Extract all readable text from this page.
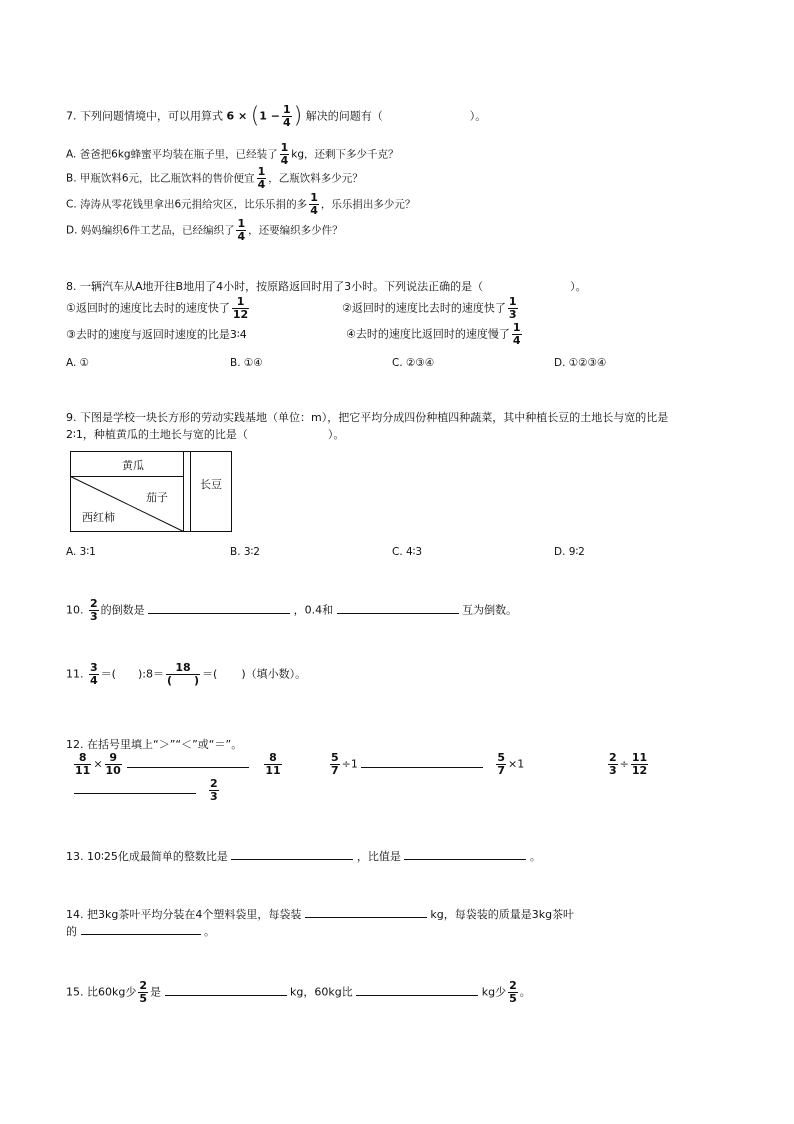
7. 下列问题情境中，可以用算式 $6 \times (1 - \frac{1}{4}$ ) 解决的问题有（	）。
A. 爸爸把6kg蜂蜜平均装在瓶子里，已经装了 $\frac{1}{4}$ kg，还剩下多少千克？
B. 甲瓶饮料6元，比乙瓶饮料的售价便宜 $\frac{1}{4}$ ，乙瓶饮料多少元？
C. 涛涛从零花钱里拿出6元捐给灾区，比乐乐捐的多 $\frac{1}{4}$ ，乐乐捐出多少元？
D. 妈妈编织6件工艺品，已经编织了 $\frac{1}{4}$ ，还要编织多少件？
8. 一辆汽车从A地开往B地用了4小时，按原路返回时用了3小时。下列说法正确的是（	）。
①返回时的速度比去时的速度快了 $\frac{1}{12}$	②返回时的速度比去时的速度快了 $\frac{1}{3}$
③去时的速度与返回时速度的比是3∶4	④去时的速度比返回时的速度慢了 $\frac{1}{4}$
A. ①	B. ①④	C. ②③④	D. ①②③④
9. 下图是学校一块长方形的劳动实践基地（单位：m），把它平均分成四份种植四种蔬菜，其中种植长豆的土地长与宽的比是
2∶1，种植黄瓜的土地长与宽的比是（	）。
黄瓜
茄子
西红柿
长豆
A. 3∶1	B. 3∶2	C. 4∶3	D. 9∶2
10. $\frac{2}{3}$ 的倒数是	，0.4和	互为倒数。
11. $\frac{3}{4}$ ＝( ):8＝ $\frac{18}{( )}$ ＝( )（填小数）。
12. 在括号里填上“＞”“＜”或“＝”。
$\frac{8}{11} \times \frac{9}{10}$
	$\frac{8}{11}$	$\frac{5}{7} \div 1$	$\frac{5}{7} \times 1$	$\frac{2}{3} \div \frac{11}{12}$

$\frac{2}{3}$
13. 10∶25化成最简单的整数比是	，比值是	。
14. 把3kg茶叶平均分装在4个塑料袋里，每袋装	kg，每袋装的质量是3kg茶叶
的	。
15. 比60kg少 $\frac{2}{5}$ 是	kg，60kg比	kg少 $\frac{2}{5}$ 。
